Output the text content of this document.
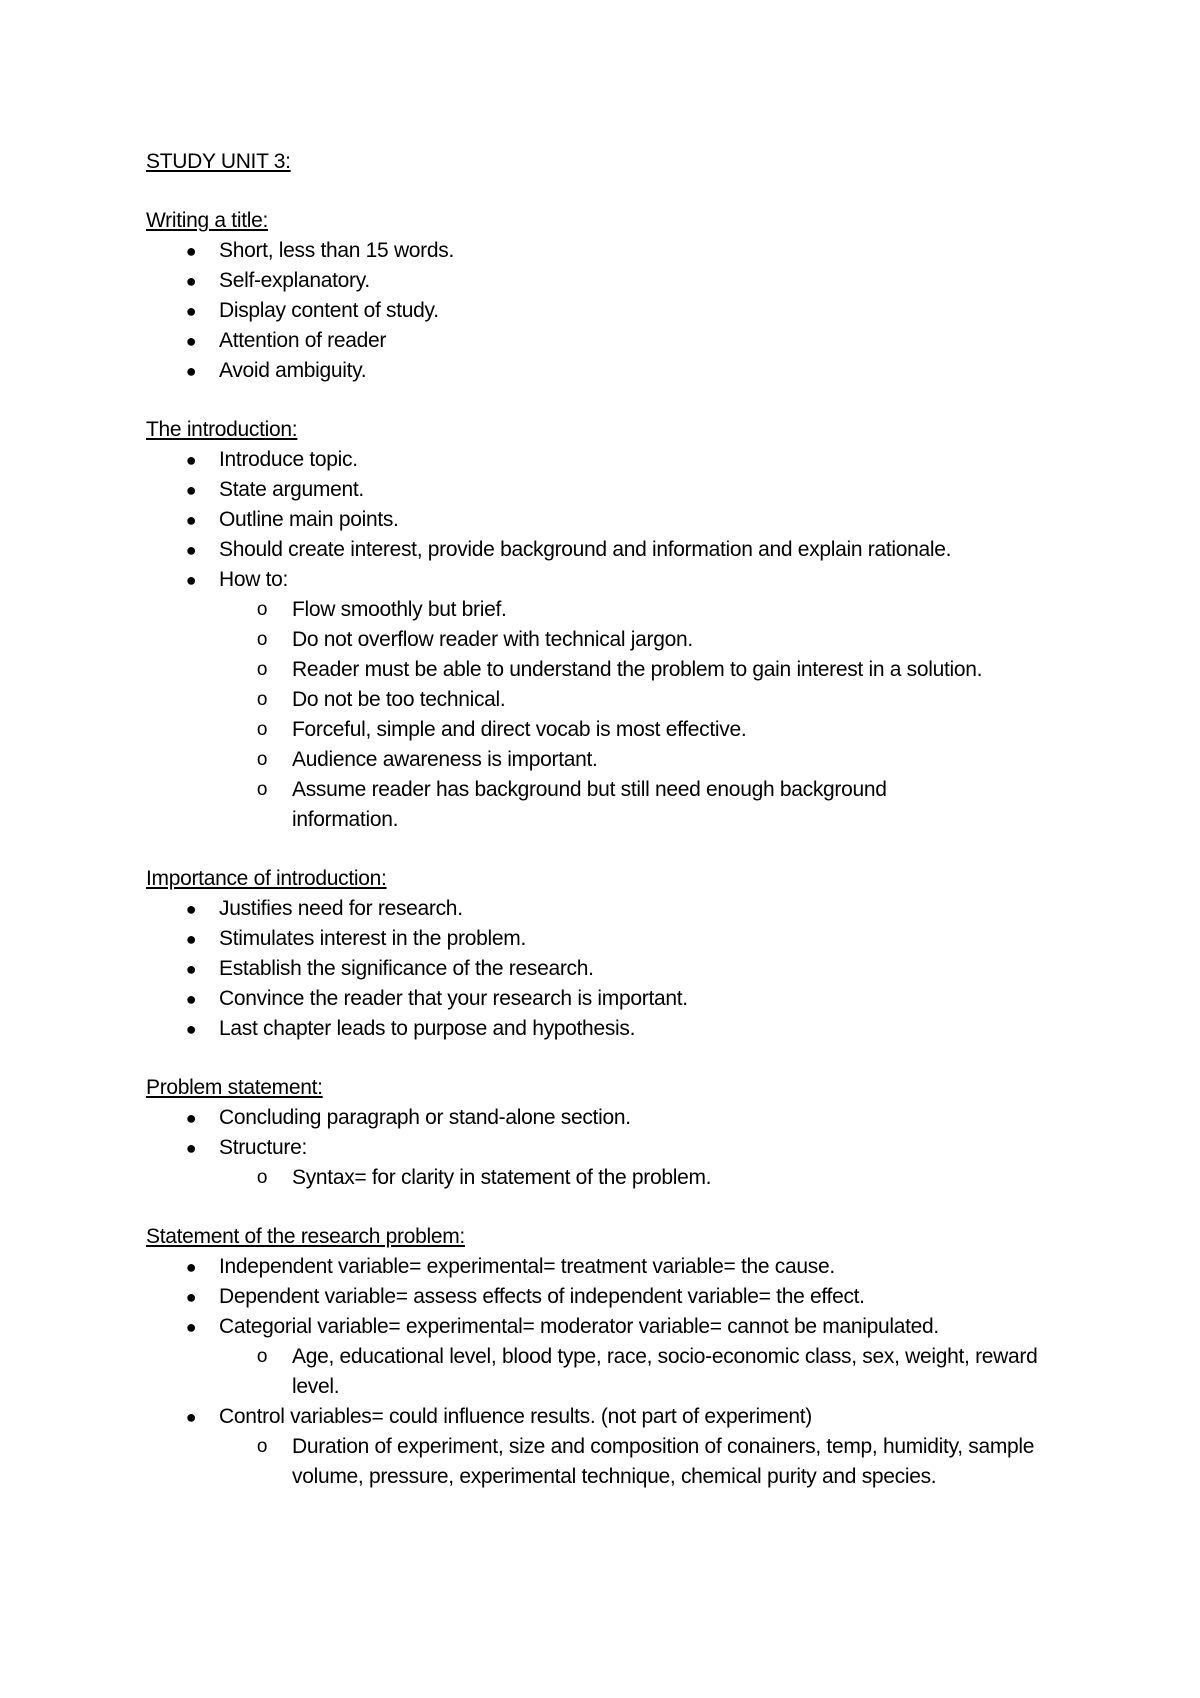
STUDY UNIT 3:
Writing a title:
● Short, less than 15 words.
● Self-explanatory.
● Display content of study.
● Attention of reader
● Avoid ambiguity.
The introduction:
● Introduce topic.
● State argument.
● Outline main points.
● Should create interest, provide background and information and explain rationale.
● How to:
o Flow smoothly but brief.
o Do not overflow reader with technical jargon.
o Reader must be able to understand the problem to gain interest in a solution.
o Do not be too technical.
o Forceful, simple and direct vocab is most effective.
o Audience awareness is important.
o Assume reader has background but still need enough background information.
Importance of introduction:
● Justifies need for research.
● Stimulates interest in the problem.
● Establish the significance of the research.
● Convince the reader that your research is important.
● Last chapter leads to purpose and hypothesis.
Problem statement:
● Concluding paragraph or stand-alone section.
● Structure:
o Syntax= for clarity in statement of the problem.
Statement of the research problem:
● Independent variable= experimental= treatment variable= the cause.
● Dependent variable= assess effects of independent variable= the effect.
● Categorial variable= experimental= moderator variable= cannot be manipulated.
o Age, educational level, blood type, race, socio-economic class, sex, weight, reward level.
● Control variables= could influence results. (not part of experiment)
o Duration of experiment, size and composition of conainers, temp, humidity, sample volume, pressure, experimental technique, chemical purity and species.
